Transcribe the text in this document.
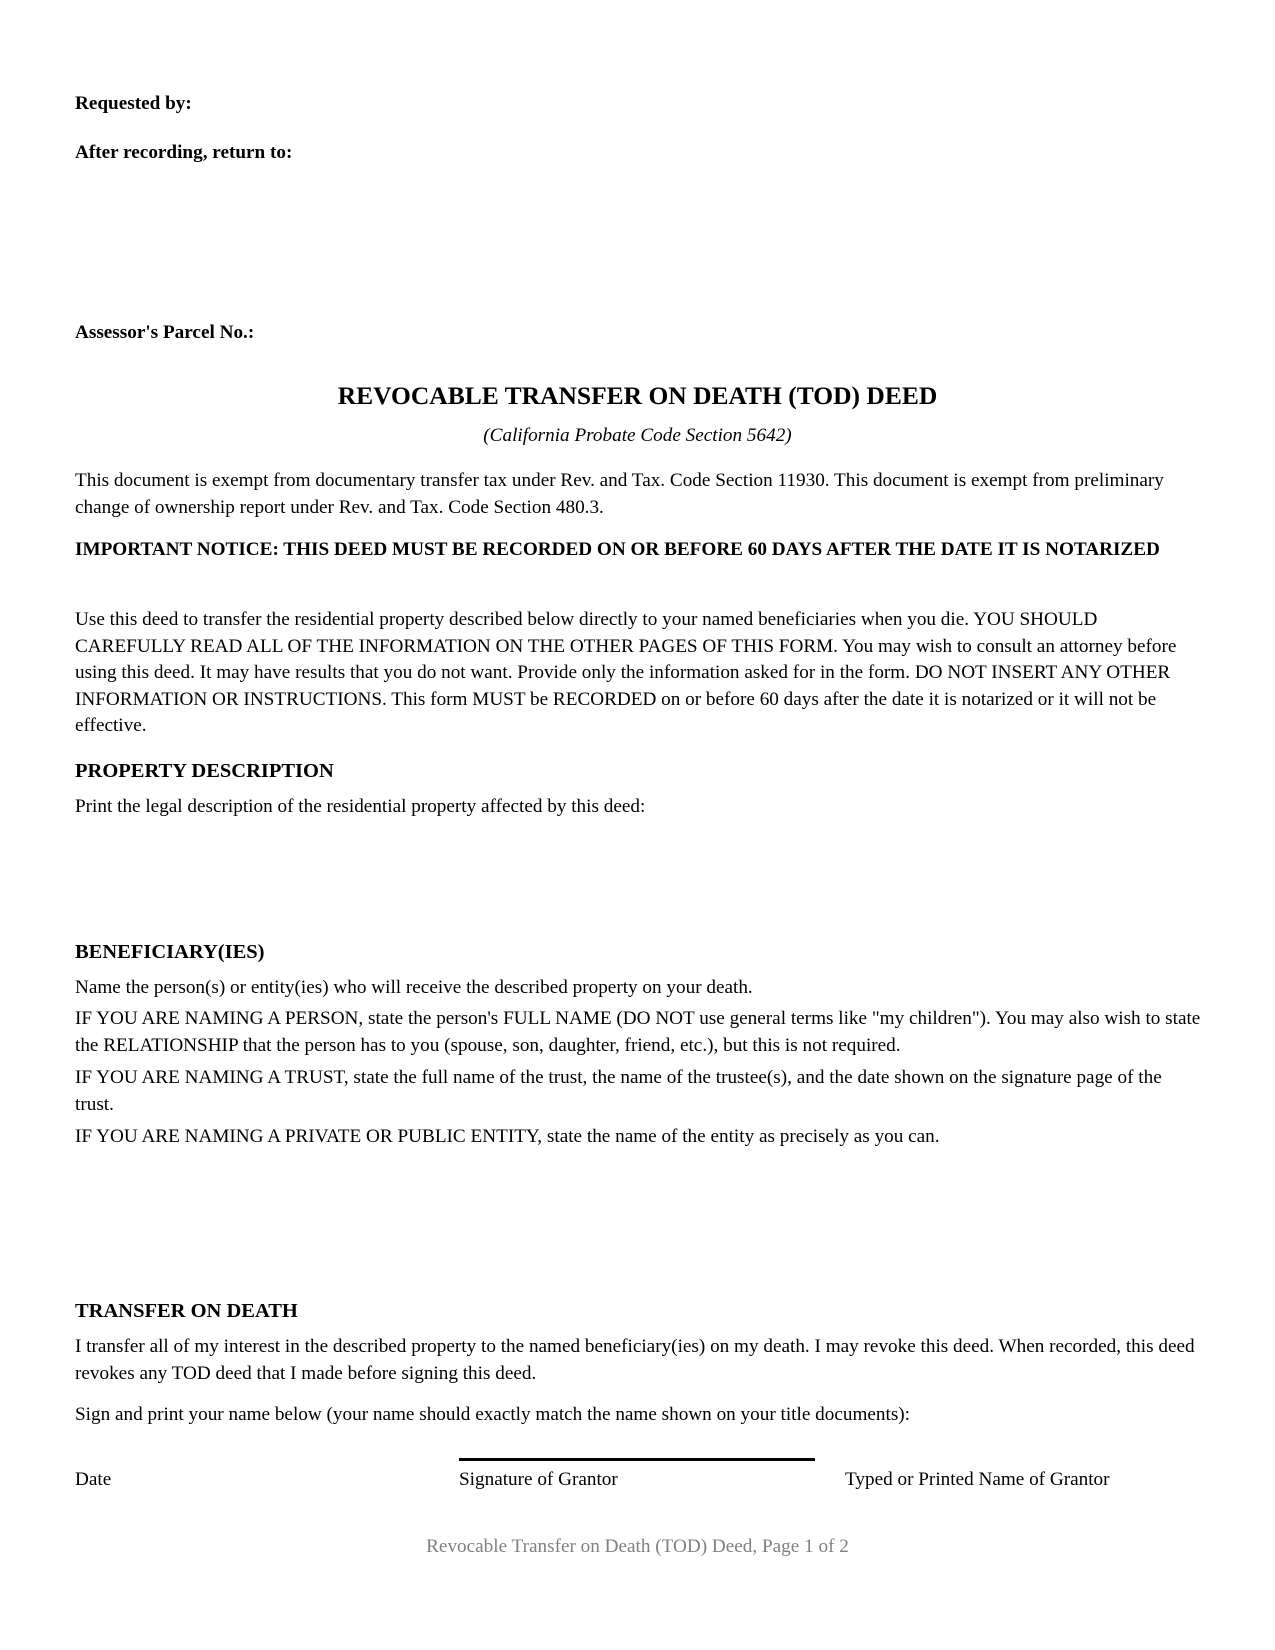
Requested by:

After recording, return to:

Assessor's Parcel No.:

REVOCABLE TRANSFER ON DEATH (TOD) DEED

(California Probate Code Section 5642)

This document is exempt from documentary transfer tax under Rev. and Tax. Code Section 11930. This document is exempt from preliminary change of ownership report under Rev. and Tax. Code Section 480.3.

IMPORTANT NOTICE: THIS DEED MUST BE RECORDED ON OR BEFORE 60 DAYS AFTER THE DATE IT IS NOTARIZED

Use this deed to transfer the residential property described below directly to your named beneficiaries when you die. YOU SHOULD CAREFULLY READ ALL OF THE INFORMATION ON THE OTHER PAGES OF THIS FORM. You may wish to consult an attorney before using this deed. It may have results that you do not want. Provide only the information asked for in the form. DO NOT INSERT ANY OTHER INFORMATION OR INSTRUCTIONS. This form MUST be RECORDED on or before 60 days after the date it is notarized or it will not be effective.

PROPERTY DESCRIPTION

Print the legal description of the residential property affected by this deed:

BENEFICIARY(IES)

Name the person(s) or entity(ies) who will receive the described property on your death.

IF YOU ARE NAMING A PERSON, state the person's FULL NAME (DO NOT use general terms like "my children"). You may also wish to state the RELATIONSHIP that the person has to you (spouse, son, daughter, friend, etc.), but this is not required.

IF YOU ARE NAMING A TRUST, state the full name of the trust, the name of the trustee(s), and the date shown on the signature page of the trust.

IF YOU ARE NAMING A PRIVATE OR PUBLIC ENTITY, state the name of the entity as precisely as you can.

TRANSFER ON DEATH

I transfer all of my interest in the described property to the named beneficiary(ies) on my death. I may revoke this deed. When recorded, this deed revokes any TOD deed that I made before signing this deed.

Sign and print your name below (your name should exactly match the name shown on your title documents):

Date	Signature of Grantor	Typed or Printed Name of Grantor

Revocable Transfer on Death (TOD) Deed, Page 1 of 2
